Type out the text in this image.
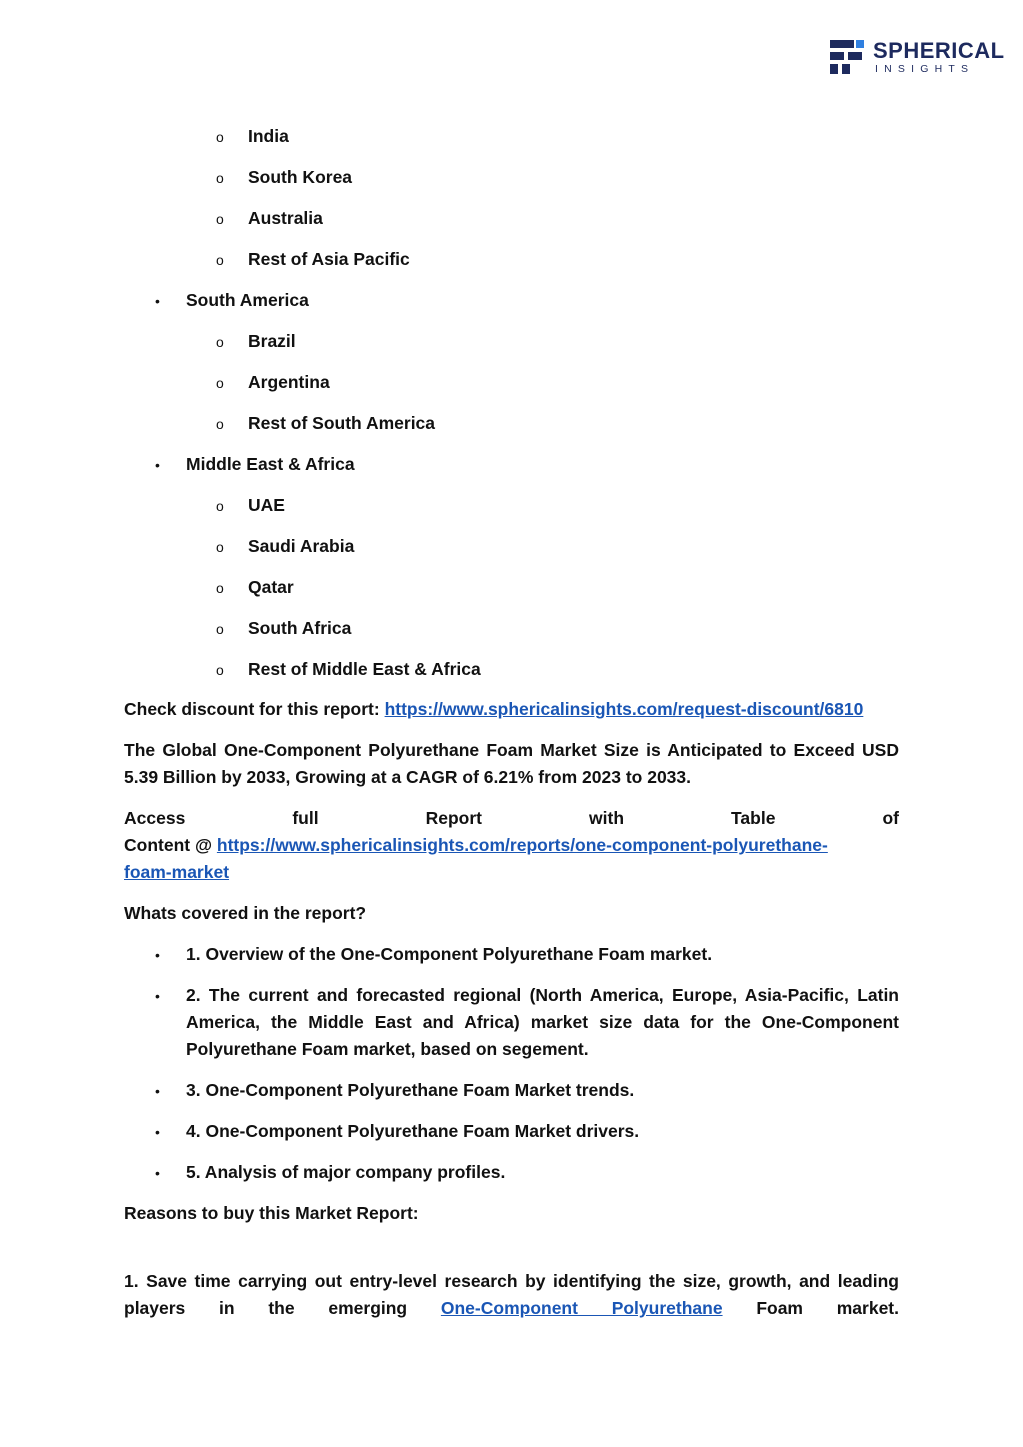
SPHERICAL
INSIGHTS
o India
o South Korea
o Australia
o Rest of Asia Pacific
• South America
o Brazil
o Argentina
o Rest of South America
• Middle East & Africa
o UAE
o Saudi Arabia
o Qatar
o South Africa
o Rest of Middle East & Africa
Check discount for this report: https://www.sphericalinsights.com/request-discount/6810
The Global One-Component Polyurethane Foam Market Size is Anticipated to Exceed USD 5.39 Billion by 2033, Growing at a CAGR of 6.21% from 2023 to 2033.
Access full Report with Table of
Content @ https://www.sphericalinsights.com/reports/one-component-polyurethane-
foam-market
Whats covered in the report?
• 1. Overview of the One-Component Polyurethane Foam market.
• 2. The current and forecasted regional (North America, Europe, Asia-Pacific, Latin America, the Middle East and Africa) market size data for the One-Component Polyurethane Foam market, based on segement.
• 3. One-Component Polyurethane Foam Market trends.
• 4. One-Component Polyurethane Foam Market drivers.
• 5. Analysis of major company profiles.
Reasons to buy this Market Report:
1. Save time carrying out entry-level research by identifying the size, growth, and leading
players in the emerging One-Component Polyurethane Foam market.
